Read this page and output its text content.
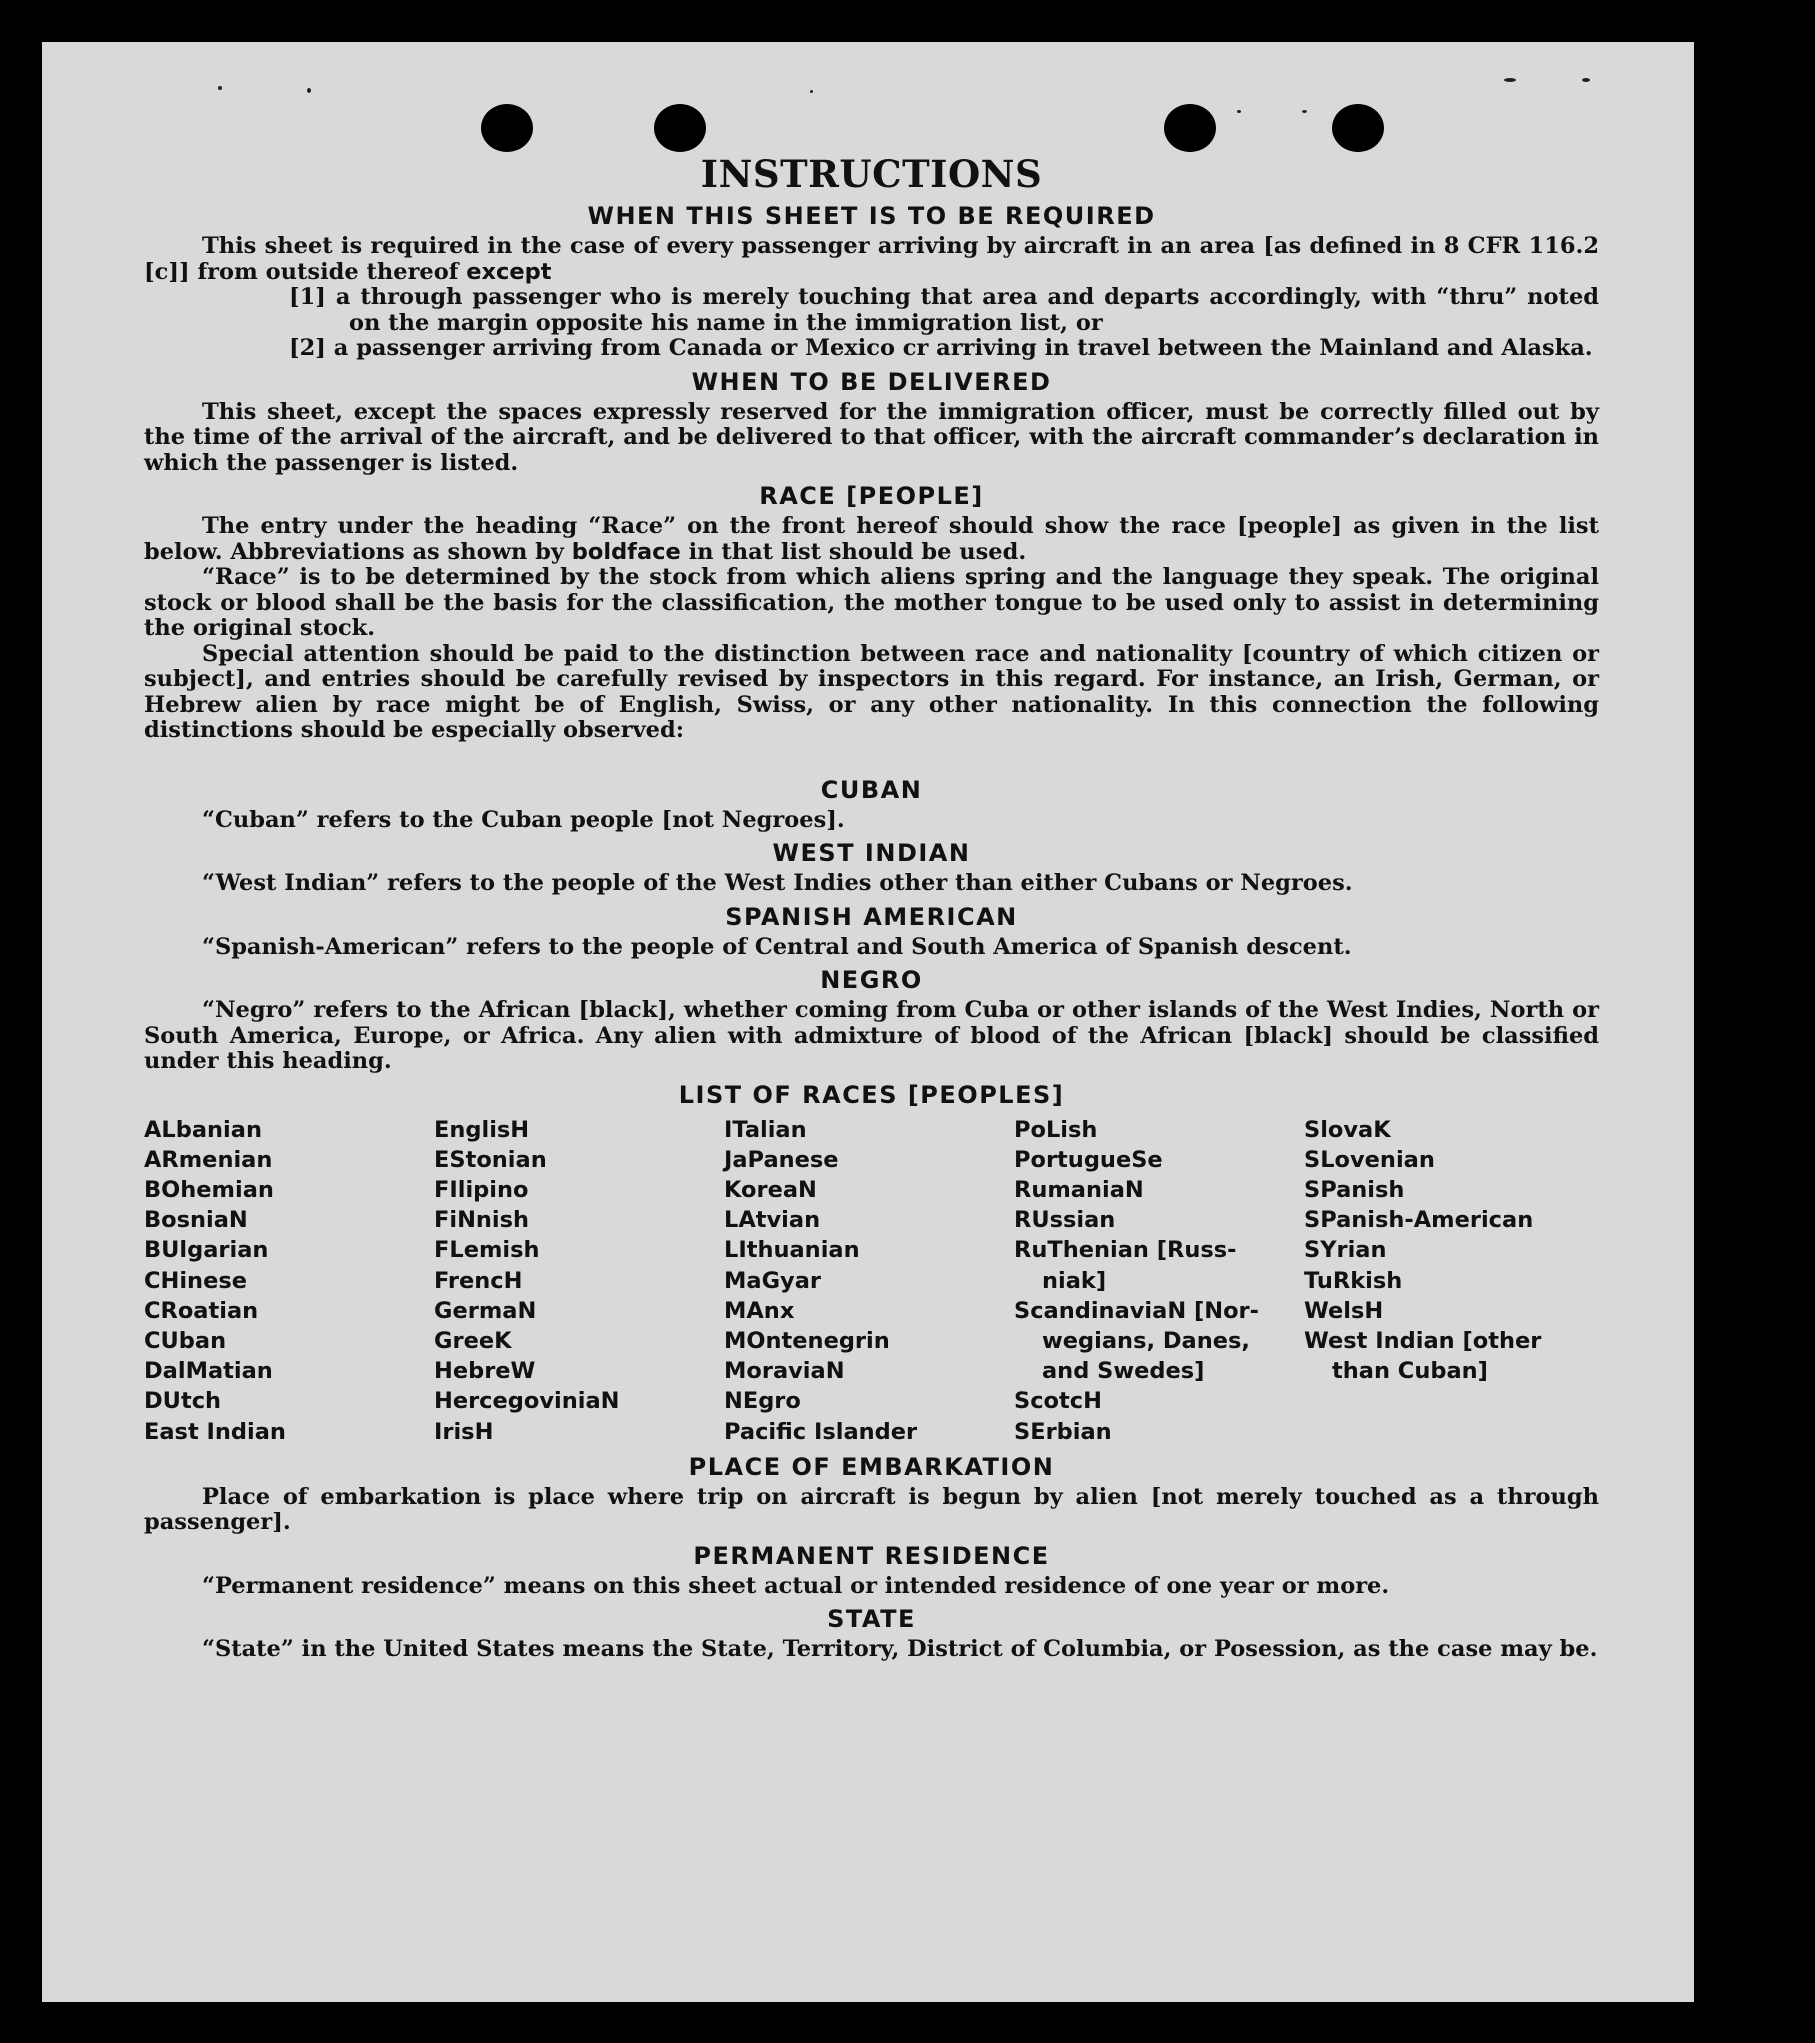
INSTRUCTIONS
WHEN THIS SHEET IS TO BE REQUIRED

This sheet is required in the case of every passenger arriving by aircraft in an area [as defined in 8 CFR 116.2 [c]] from outside thereof except

[1] a through passenger who is merely touching that area and departs accordingly, with “thru” noted on the margin opposite his name in the immigration list, or

[2] a passenger arriving from Canada or Mexico cr arriving in travel between the Mainland and Alaska.

WHEN TO BE DELIVERED

This sheet, except the spaces expressly reserved for the immigration officer, must be correctly filled out by the time of the arrival of the aircraft, and be delivered to that officer, with the aircraft commander’s declaration in which the passenger is listed.

RACE [PEOPLE]

The entry under the heading “Race” on the front hereof should show the race [people] as given in the list below. Abbreviations as shown by boldface in that list should be used.

“Race” is to be determined by the stock from which aliens spring and the language they speak. The original stock or blood shall be the basis for the classification, the mother tongue to be used only to assist in determining the original stock.

Special attention should be paid to the distinction between race and nationality [country of which citizen or subject], and entries should be carefully revised by inspectors in this regard. For instance, an Irish, German, or Hebrew alien by race might be of English, Swiss, or any other nationality. In this connection the following distinctions should be especially observed:

CUBAN

“Cuban” refers to the Cuban people [not Negroes].

WEST INDIAN

“West Indian” refers to the people of the West Indies other than either Cubans or Negroes.

SPANISH AMERICAN

“Spanish-American” refers to the people of Central and South America of Spanish descent.

NEGRO

“Negro” refers to the African [black], whether coming from Cuba or other islands of the West Indies, North or South America, Europe, or Africa. Any alien with admixture of blood of the African [black] should be classified under this heading.

LIST OF RACES [PEOPLES]
ALbanian
ARmenian
BOhemian
BosniaN
BUlgarian
CHinese
CRoatian
CUban
DalMatian
DUtch
East Indian
EnglisH
EStonian
FIlipino
FiNnish
FLemish
FrencH
GermaN
GreeK
HebreW
HercegoviniaN
IrisH
ITalian
JaPanese
KoreaN
LAtvian
LIthuanian
MaGyar
MAnx
MOntenegrin
MoraviaN
NEgro
Pacific Islander
PoLish
PortugueSe
RumaniaN
RUssian
RuThenian [Russ-
niak]
ScandinaviaN [Nor-
wegians, Danes,
and Swedes]
ScotcH
SErbian
SlovaK
SLovenian
SPanish
SPanish-American
SYrian
TuRkish
WelsH
West Indian [other
than Cuban]
PLACE OF EMBARKATION

Place of embarkation is place where trip on aircraft is begun by alien [not merely touched as a through passenger].

PERMANENT RESIDENCE

“Permanent residence” means on this sheet actual or intended residence of one year or more.

STATE

“State” in the United States means the State, Territory, District of Columbia, or Posession, as the case may be.
